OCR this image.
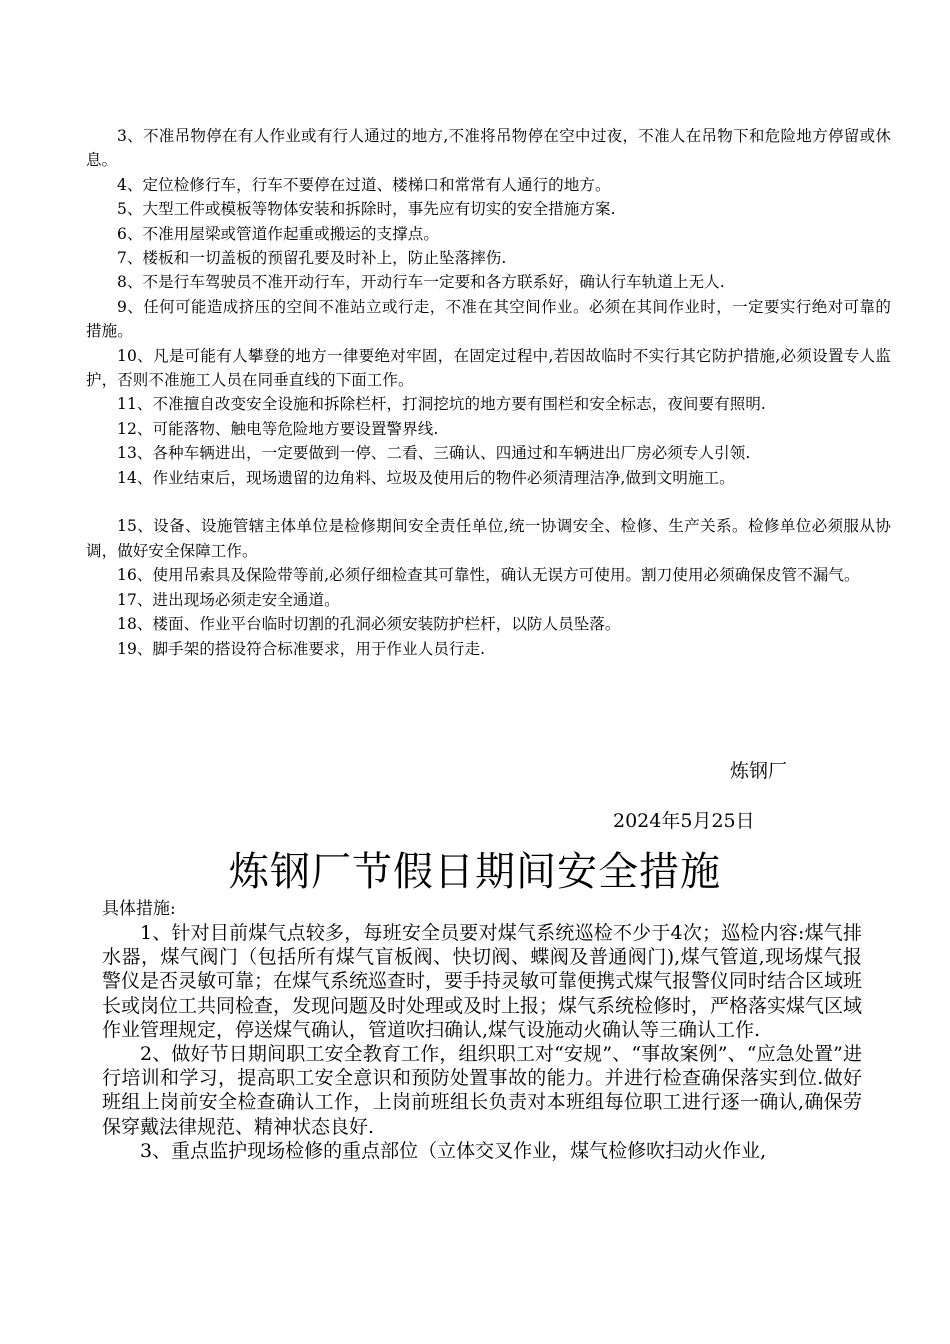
3、不准吊物停在有人作业或有行人通过的地方,不准将吊物停在空中过夜，不准人在吊物下和危险地方停留或休息。

4、定位检修行车，行车不要停在过道、楼梯口和常常有人通行的地方。

5、大型工件或模板等物体安装和拆除时，事先应有切实的安全措施方案.

6、不准用屋梁或管道作起重或搬运的支撑点。

7、楼板和一切盖板的预留孔要及时补上，防止坠落摔伤.

8、不是行车驾驶员不准开动行车，开动行车一定要和各方联系好，确认行车轨道上无人.

9、任何可能造成挤压的空间不准站立或行走，不准在其空间作业。必须在其间作业时，一定要实行绝对可靠的措施。

10、凡是可能有人攀登的地方一律要绝对牢固，在固定过程中,若因故临时不实行其它防护措施,必须设置专人监护，否则不准施工人员在同垂直线的下面工作。

11、不准擅自改变安全设施和拆除栏杆，打洞挖坑的地方要有围栏和安全标志，夜间要有照明.

12、可能落物、触电等危险地方要设置警界线.

13、各种车辆进出，一定要做到一停、二看、三确认、四通过和车辆进出厂房必须专人引领.

14、作业结束后，现场遗留的边角料、垃圾及使用后的物件必须清理洁净,做到文明施工。

15、设备、设施管辖主体单位是检修期间安全责任单位,统一协调安全、检修、生产关系。检修单位必须服从协调，做好安全保障工作。

16、使用吊索具及保险带等前,必须仔细检查其可靠性，确认无误方可使用。割刀使用必须确保皮管不漏气。

17、进出现场必须走安全通道。

18、楼面、作业平台临时切割的孔洞必须安装防护栏杆，以防人员坠落。

19、脚手架的搭设符合标准要求，用于作业人员行走.

炼钢厂
2024年5月25日
炼钢厂节假日期间安全措施

具体措施:

1、针对目前煤气点较多，每班安全员要对煤气系统巡检不少于4次；巡检内容:煤气排水器，煤气阀门（包括所有煤气盲板阀、快切阀、蝶阀及普通阀门),煤气管道,现场煤气报警仪是否灵敏可靠；在煤气系统巡查时，要手持灵敏可靠便携式煤气报警仪同时结合区域班长或岗位工共同检查，发现问题及时处理或及时上报；煤气系统检修时，严格落实煤气区域作业管理规定，停送煤气确认，管道吹扫确认,煤气设施动火确认等三确认工作.

2、做好节日期间职工安全教育工作，组织职工对“安规”、“事故案例”、“应急处置”进行培训和学习，提高职工安全意识和预防处置事故的能力。并进行检查确保落实到位.做好班组上岗前安全检查确认工作，上岗前班组长负责对本班组每位职工进行逐一确认,确保劳保穿戴法律规范、精神状态良好.

3、重点监护现场检修的重点部位（立体交叉作业，煤气检修吹扫动火作业,
